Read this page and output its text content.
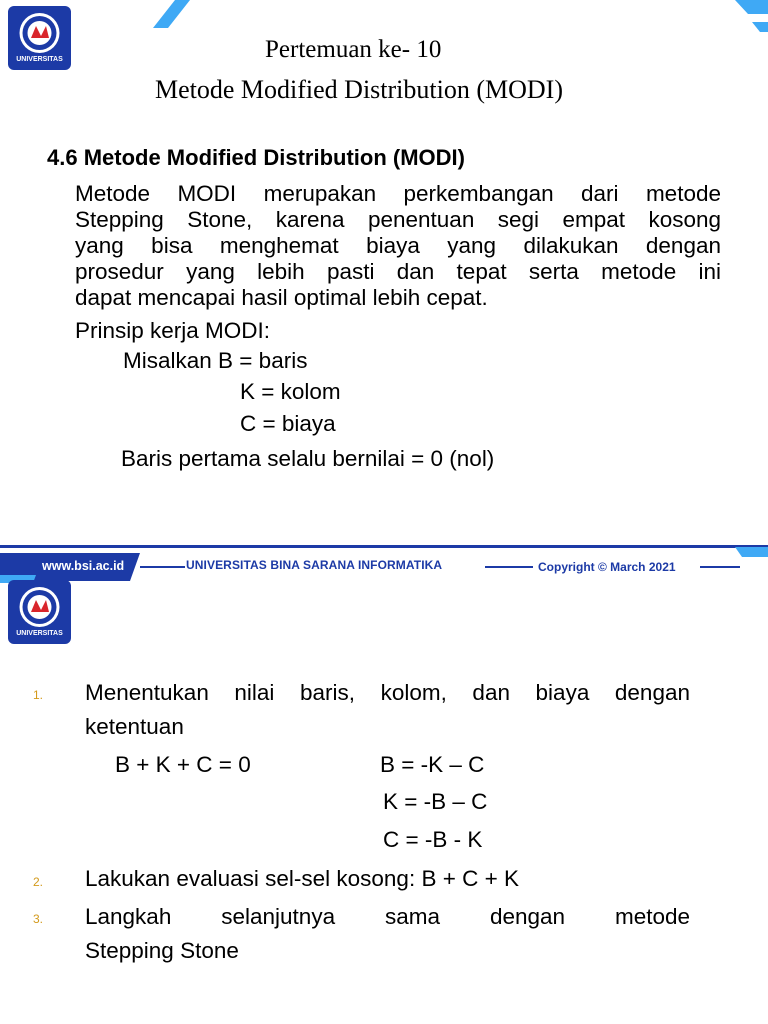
UNIVERSITAS	Pertemuan ke- 10
Metode Modified Distribution (MODI)
4.6 Metode Modified Distribution (MODI)
Metode MODI merupakan perkembangan dari metode
Stepping Stone, karena penentuan segi empat kosong
yang bisa menghemat biaya yang dilakukan dengan
prosedur yang lebih pasti dan tepat serta metode ini
dapat mencapai hasil optimal lebih cepat.
Prinsip kerja MODI:
Misalkan B = baris
K = kolom
C = biaya
Baris pertama selalu bernilai = 0 (nol)
www.bsi.ac.id	UNIVERSITAS BINA SARANA INFORMATIKA	Copyright © March 2021
UNIVERSITAS
1. Menentukan nilai baris, kolom, dan biaya dengan
ketentuan
B + K + C = 0	B = -K – C
K = -B – C
C = -B - K
2. Lakukan evaluasi sel-sel kosong: B + C + K
3. Langkah selanjutnya sama dengan metode
Stepping Stone
